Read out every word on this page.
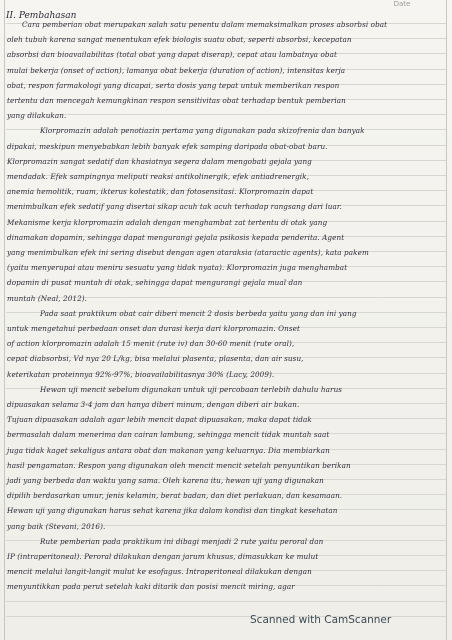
Date
II. Pembahasan
Cara pemberian obat merupakan salah satu penentu dalam memaksimalkan proses absorbsi obat
oleh tubuh karena sangat menentukan efek biologis suatu obat, seperti absorbsi, kecepatan
absorbsi dan bioavailabilitas (total obat yang dapat diserap), cepat atau lambatnya obat
mulai bekerja (onset of action), lamanya obat bekerja (duration of action), intensitas kerja
obat, respon farmakologi yang dicapai, serta dosis yang tepat untuk memberikan respon
tertentu dan mencegah kemungkinan respon sensitivitas obat terhadap bentuk pemberian
yang dilakukan.
Klorpromazin adalah penotiazin pertama yang digunakan pada skizofrenia dan banyak
dipakai, meskipun menyebabkan lebih banyak efek samping daripada obat-obat baru.
Klorpromazin sangat sedatif dan khasiatnya segera dalam mengobati gejala yang
mendadak. Efek sampingnya meliputi reaksi antikolinergik, efek antiadrenergik,
anemia hemolitik, ruam, ikterus kolestatik, dan fotosensitasi. Klorpromazin dapat
menimbulkan efek sedatif yang disertai sikap acuh tak acuh terhadap rangsang dari luar.
Mekanisme kerja klorpromazin adalah dengan menghambat zat tertentu di otak yang
dinamakan dopamin, sehingga dapat mengurangi gejala psikosis kepada penderita. Agent
yang menimbulkan efek ini sering disebut dengan agen ataraksia (ataractic agents), kata pakem
(yaitu menyerupai atau meniru sesuatu yang tidak nyata). Klorpromazin juga menghambat
dopamin di pusat muntah di otak, sehingga dapat mengurangi gejala mual dan
muntah (Neal, 2012).
Pada saat praktikum obat cair diberi mencit 2 dosis berbeda yaitu yang dan ini yang
untuk mengetahui perbedaan onset dan durasi kerja dari klorpromazin. Onset
of action klorpromazin adalah 15 menit (rute iv) dan 30-60 menit (rute oral),
cepat diabsorbsi, Vd nya 20 L/kg, bisa melalui plasenta, plasenta, dan air susu,
keterikatan proteinnya 92%-97%, bioavailabilitasnya 30% (Lacy, 2009).
Hewan uji mencit sebelum digunakan untuk uji percobaan terlebih dahulu harus
dipuasakan selama 3-4 jam dan hanya diberi minum, dengan diberi air bukan.
Tujuan dipuasakan adalah agar lebih mencit dapat dipuasakan, maka dapat tidak
bermasalah dalam menerima dan cairan lambung, sehingga mencit tidak muntah saat
juga tidak kaget sekaligus antara obat dan makanan yang keluarnya. Dia membiarkan
hasil pengamatan. Respon yang digunakan oleh mencit mencit setelah penyuntikan berikan
jadi yang berbeda dan waktu yang sama. Oleh karena itu, hewan uji yang digunakan
dipilih berdasarkan umur, jenis kelamin, berat badan, dan diet perlakuan, dan kesamaan.
Hewan uji yang digunakan harus sehat karena jika dalam kondisi dan tingkat kesehatan
yang baik (Stevani, 2016).
Rute pemberian pada praktikum ini dibagi menjadi 2 rute yaitu peroral dan
IP (intraperitoneal). Peroral dilakukan dengan jarum khusus, dimasukkan ke mulut
mencit melalui langit-langit mulut ke esofagus. Intraperitoneal dilakukan dengan
menyuntikkan pada perut setelah kaki ditarik dan posisi mencit miring, agar
Scanned with CamScanner
